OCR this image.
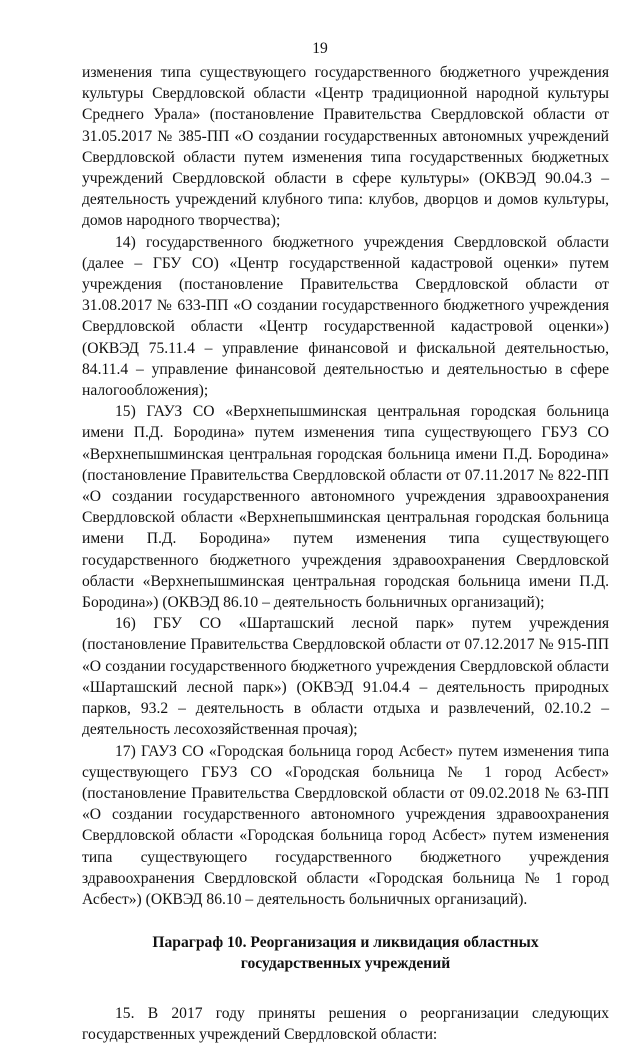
19

изменения типа существующего государственного бюджетного учреждения культуры Свердловской области «Центр традиционной народной культуры Среднего Урала» (постановление Правительства Свердловской области от 31.05.2017 № 385-ПП «О создании государственных автономных учреждений Свердловской области путем изменения типа государственных бюджетных учреждений Свердловской области в сфере культуры» (ОКВЭД 90.04.3 – деятельность учреждений клубного типа: клубов, дворцов и домов культуры, домов народного творчества);

14) государственного бюджетного учреждения Свердловской области (далее – ГБУ СО) «Центр государственной кадастровой оценки» путем учреждения (постановление Правительства Свердловской области от 31.08.2017 № 633-ПП «О создании государственного бюджетного учреждения Свердловской области «Центр государственной кадастровой оценки») (ОКВЭД 75.11.4 – управление финансовой и фискальной деятельностью, 84.11.4 – управление финансовой деятельностью и деятельностью в сфере налогообложения);

15) ГАУЗ СО «Верхнепышминская центральная городская больница имени П.Д. Бородина» путем изменения типа существующего ГБУЗ СО «Верхнепышминская центральная городская больница имени П.Д. Бородина» (постановление Правительства Свердловской области от 07.11.2017 № 822-ПП «О создании государственного автономного учреждения здравоохранения Свердловской области «Верхнепышминская центральная городская больница имени П.Д. Бородина» путем изменения типа существующего государственного бюджетного учреждения здравоохранения Свердловской области «Верхнепышминская центральная городская больница имени П.Д. Бородина») (ОКВЭД 86.10 – деятельность больничных организаций);

16) ГБУ СО «Шарташский лесной парк» путем учреждения (постановление Правительства Свердловской области от 07.12.2017 № 915-ПП «О создании государственного бюджетного учреждения Свердловской области «Шарташский лесной парк») (ОКВЭД 91.04.4 – деятельность природных парков, 93.2 – деятельность в области отдыха и развлечений, 02.10.2 – деятельность лесохозяйственная прочая);

17) ГАУЗ СО «Городская больница город Асбест» путем изменения типа существующего ГБУЗ СО «Городская больница № 1 город Асбест» (постановление Правительства Свердловской области от 09.02.2018 № 63-ПП «О создании государственного автономного учреждения здравоохранения Свердловской области «Городская больница город Асбест» путем изменения типа существующего государственного бюджетного учреждения здравоохранения Свердловской области «Городская больница № 1 город Асбест») (ОКВЭД 86.10 – деятельность больничных организаций).

Параграф 10. Реорганизация и ликвидация областных
государственных учреждений

15. В 2017 году приняты решения о реорганизации следующих государственных учреждений Свердловской области:
